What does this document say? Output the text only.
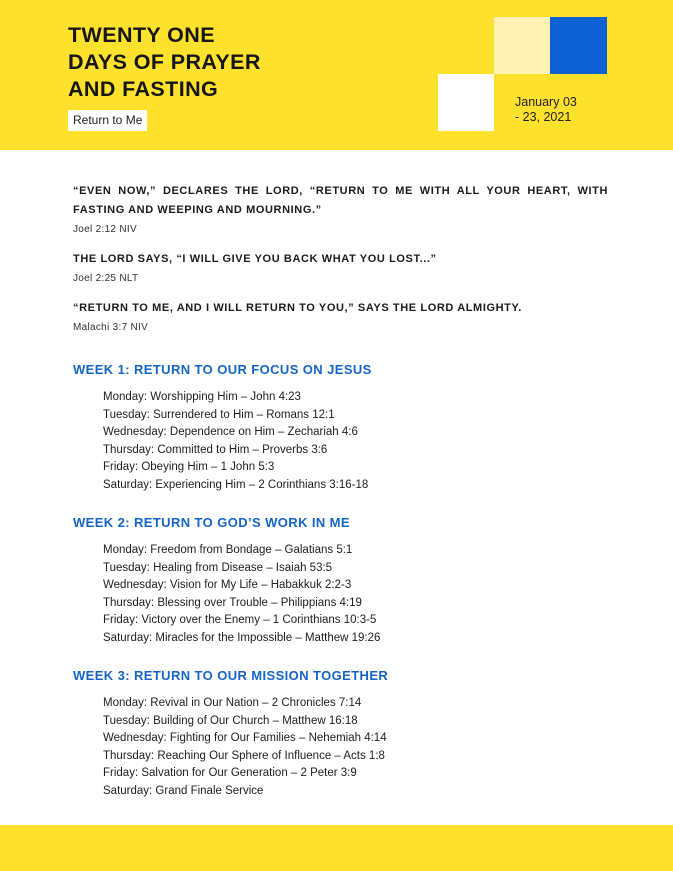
TWENTY ONE
DAYS OF PRAYER
AND FASTING
Return to Me
January 03
- 23, 2021

“EVEN NOW,” DECLARES THE LORD, “RETURN TO ME WITH ALL YOUR HEART, WITH FASTING AND WEEPING AND MOURNING.”

Joel 2:12 NIV

THE LORD SAYS, “I WILL GIVE YOU BACK WHAT YOU LOST...”

Joel 2:25 NLT

“RETURN TO ME, AND I WILL RETURN TO YOU,” SAYS THE LORD ALMIGHTY.

Malachi 3:7 NIV

WEEK 1: RETURN TO OUR FOCUS ON JESUS
Monday: Worshipping Him – John 4:23
Tuesday: Surrendered to Him – Romans 12:1
Wednesday: Dependence on Him – Zechariah 4:6
Thursday: Committed to Him – Proverbs 3:6
Friday: Obeying Him – 1 John 5:3
Saturday: Experiencing Him – 2 Corinthians 3:16-18
WEEK 2: RETURN TO GOD’S WORK IN ME
Monday: Freedom from Bondage – Galatians 5:1
Tuesday: Healing from Disease – Isaiah 53:5
Wednesday: Vision for My Life – Habakkuk 2:2-3
Thursday: Blessing over Trouble – Philippians 4:19
Friday: Victory over the Enemy – 1 Corinthians 10:3-5
Saturday: Miracles for the Impossible – Matthew 19:26
WEEK 3: RETURN TO OUR MISSION TOGETHER
Monday: Revival in Our Nation – 2 Chronicles 7:14
Tuesday: Building of Our Church – Matthew 16:18
Wednesday: Fighting for Our Families – Nehemiah 4:14
Thursday: Reaching Our Sphere of Influence – Acts 1:8
Friday: Salvation for Our Generation – 2 Peter 3:9
Saturday: Grand Finale Service
